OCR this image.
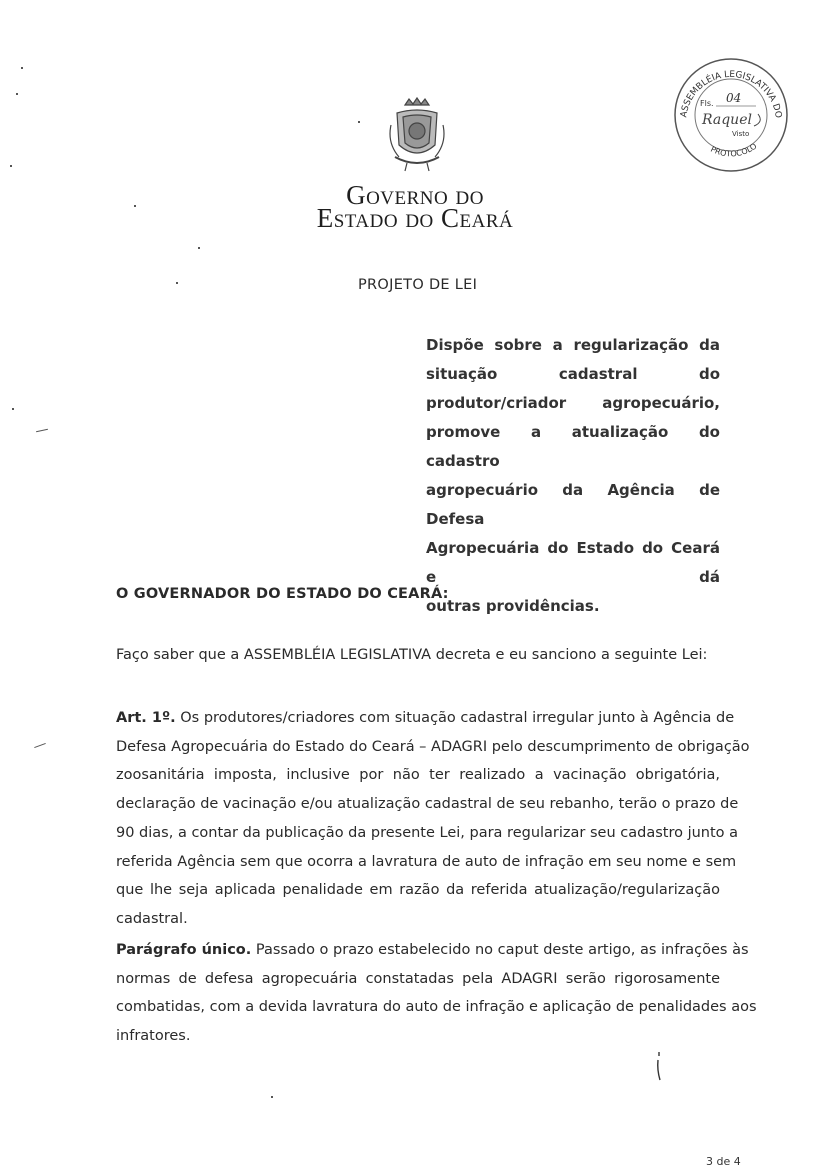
GOVERNO DO
ESTADO DO CEARÁ
ASSEMBLÉIA LEGISLATIVA DO
PROTOCOLO
Fls. 04
Raquel
Visto
PROJETO DE LEI
Dispõe sobre a regularização da
situação cadastral do
produtor/criador agropecuário,
promove a atualização do cadastro
agropecuário da Agência de Defesa
Agropecuária do Estado do Ceará e dá
outras providências.
O GOVERNADOR DO ESTADO DO CEARÁ:
Faço saber que a ASSEMBLÉIA LEGISLATIVA decreta e eu sanciono a seguinte Lei:
Art. 1º. Os produtores/criadores com situação cadastral irregular junto à Agência de
Defesa Agropecuária do Estado do Ceará – ADAGRI pelo descumprimento de obrigação
zoosanitária imposta, inclusive por não ter realizado a vacinação obrigatória,
declaração de vacinação e/ou atualização cadastral de seu rebanho, terão o prazo de
90 dias, a contar da publicação da presente Lei, para regularizar seu cadastro junto a
referida Agência sem que ocorra a lavratura de auto de infração em seu nome e sem
que lhe seja aplicada penalidade em razão da referida atualização/regularização
cadastral.
Parágrafo único. Passado o prazo estabelecido no caput deste artigo, as infrações às
normas de defesa agropecuária constatadas pela ADAGRI serão rigorosamente
combatidas, com a devida lavratura do auto de infração e aplicação de penalidades aos
infratores.
3 de 4
